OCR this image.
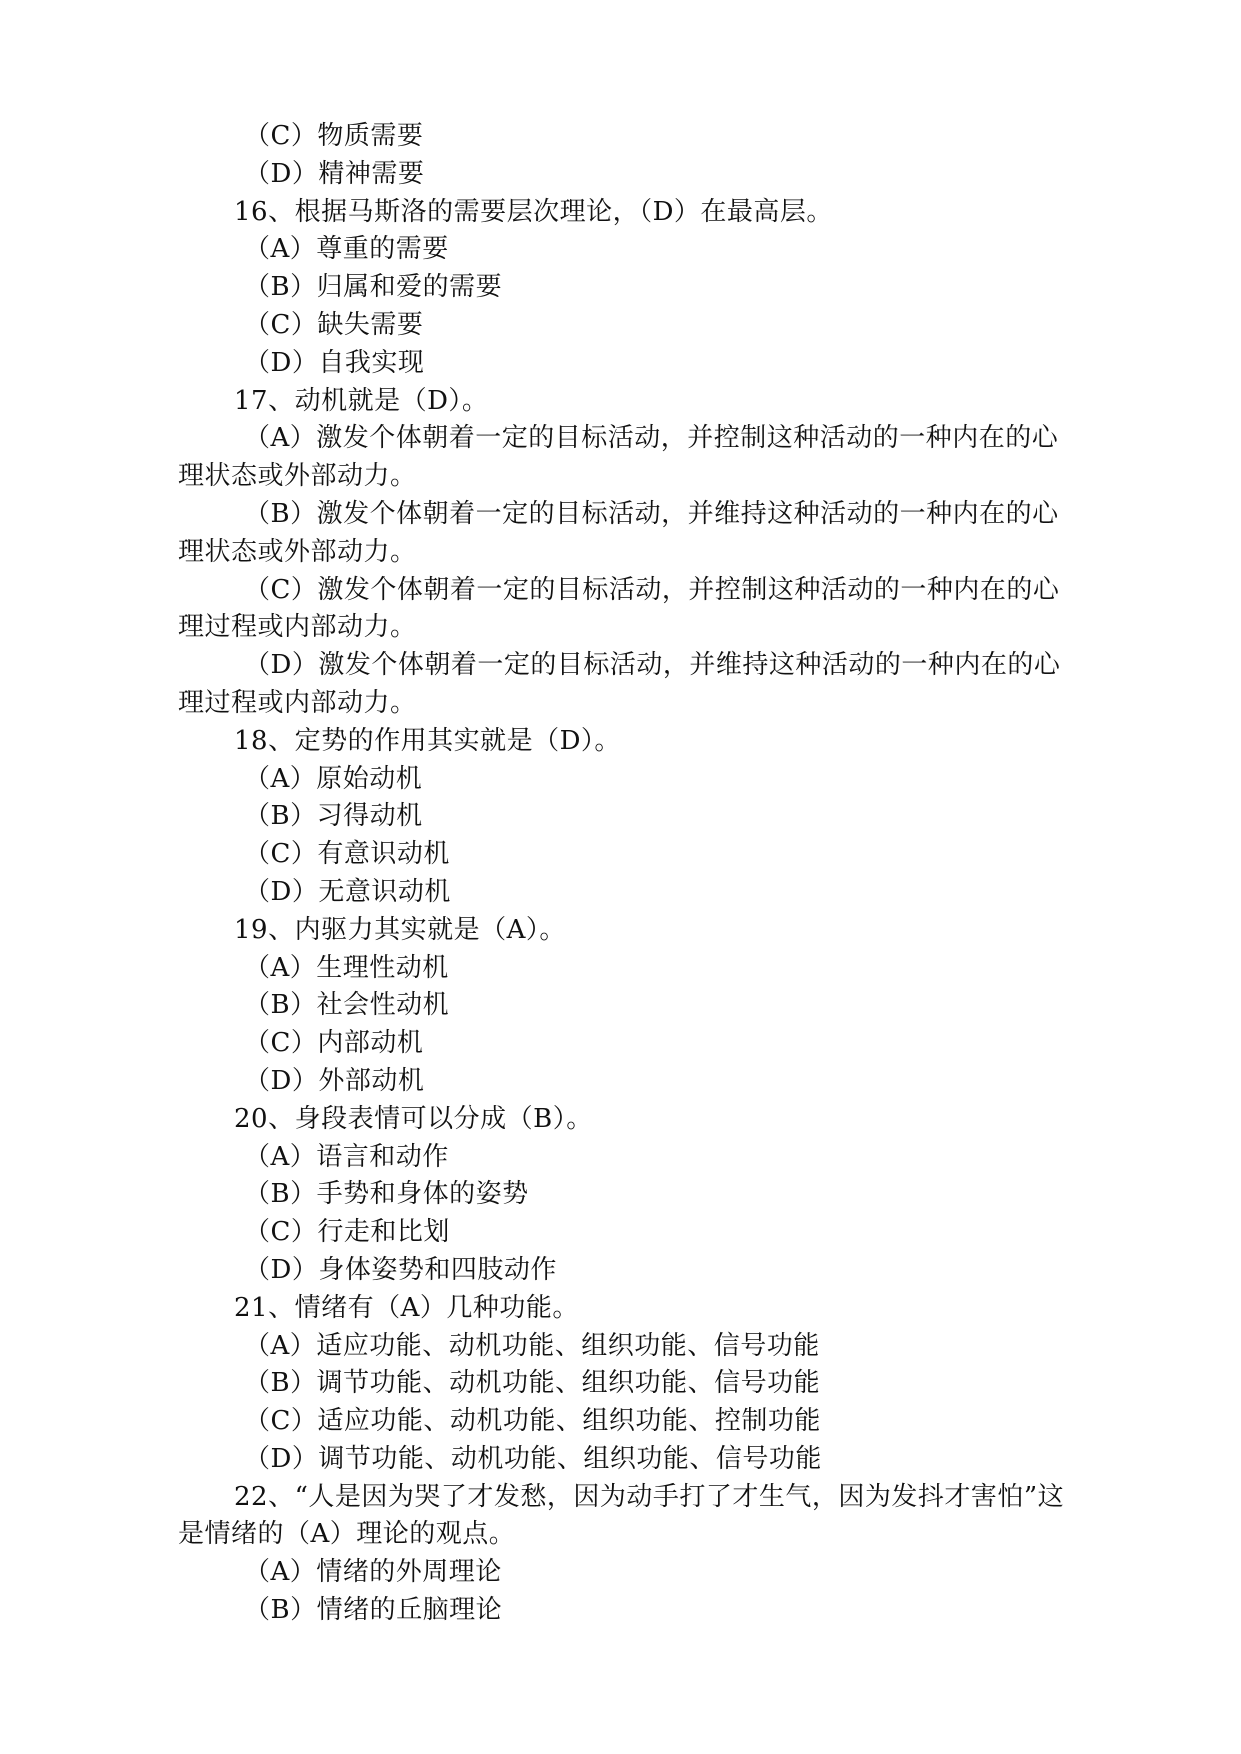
（C）物质需要
（D）精神需要
16、根据马斯洛的需要层次理论，（D）在最高层。
（A）尊重的需要
（B）归属和爱的需要
（C）缺失需要
（D）自我实现
17、动机就是（D）。
（A）激发个体朝着一定的目标活动，并控制这种活动的一种内在的心
理状态或外部动力。
（B）激发个体朝着一定的目标活动，并维持这种活动的一种内在的心
理状态或外部动力。
（C）激发个体朝着一定的目标活动，并控制这种活动的一种内在的心
理过程或内部动力。
（D）激发个体朝着一定的目标活动，并维持这种活动的一种内在的心
理过程或内部动力。
18、定势的作用其实就是（D）。
（A）原始动机
（B）习得动机
（C）有意识动机
（D）无意识动机
19、内驱力其实就是（A）。
（A）生理性动机
（B）社会性动机
（C）内部动机
（D）外部动机
20、身段表情可以分成（B）。
（A）语言和动作
（B）手势和身体的姿势
（C）行走和比划
（D）身体姿势和四肢动作
21、情绪有（A）几种功能。
（A）适应功能、动机功能、组织功能、信号功能
（B）调节功能、动机功能、组织功能、信号功能
（C）适应功能、动机功能、组织功能、控制功能
（D）调节功能、动机功能、组织功能、信号功能
22、“人是因为哭了才发愁，因为动手打了才生气，因为发抖才害怕”这
是情绪的（A）理论的观点。
（A）情绪的外周理论
（B）情绪的丘脑理论
